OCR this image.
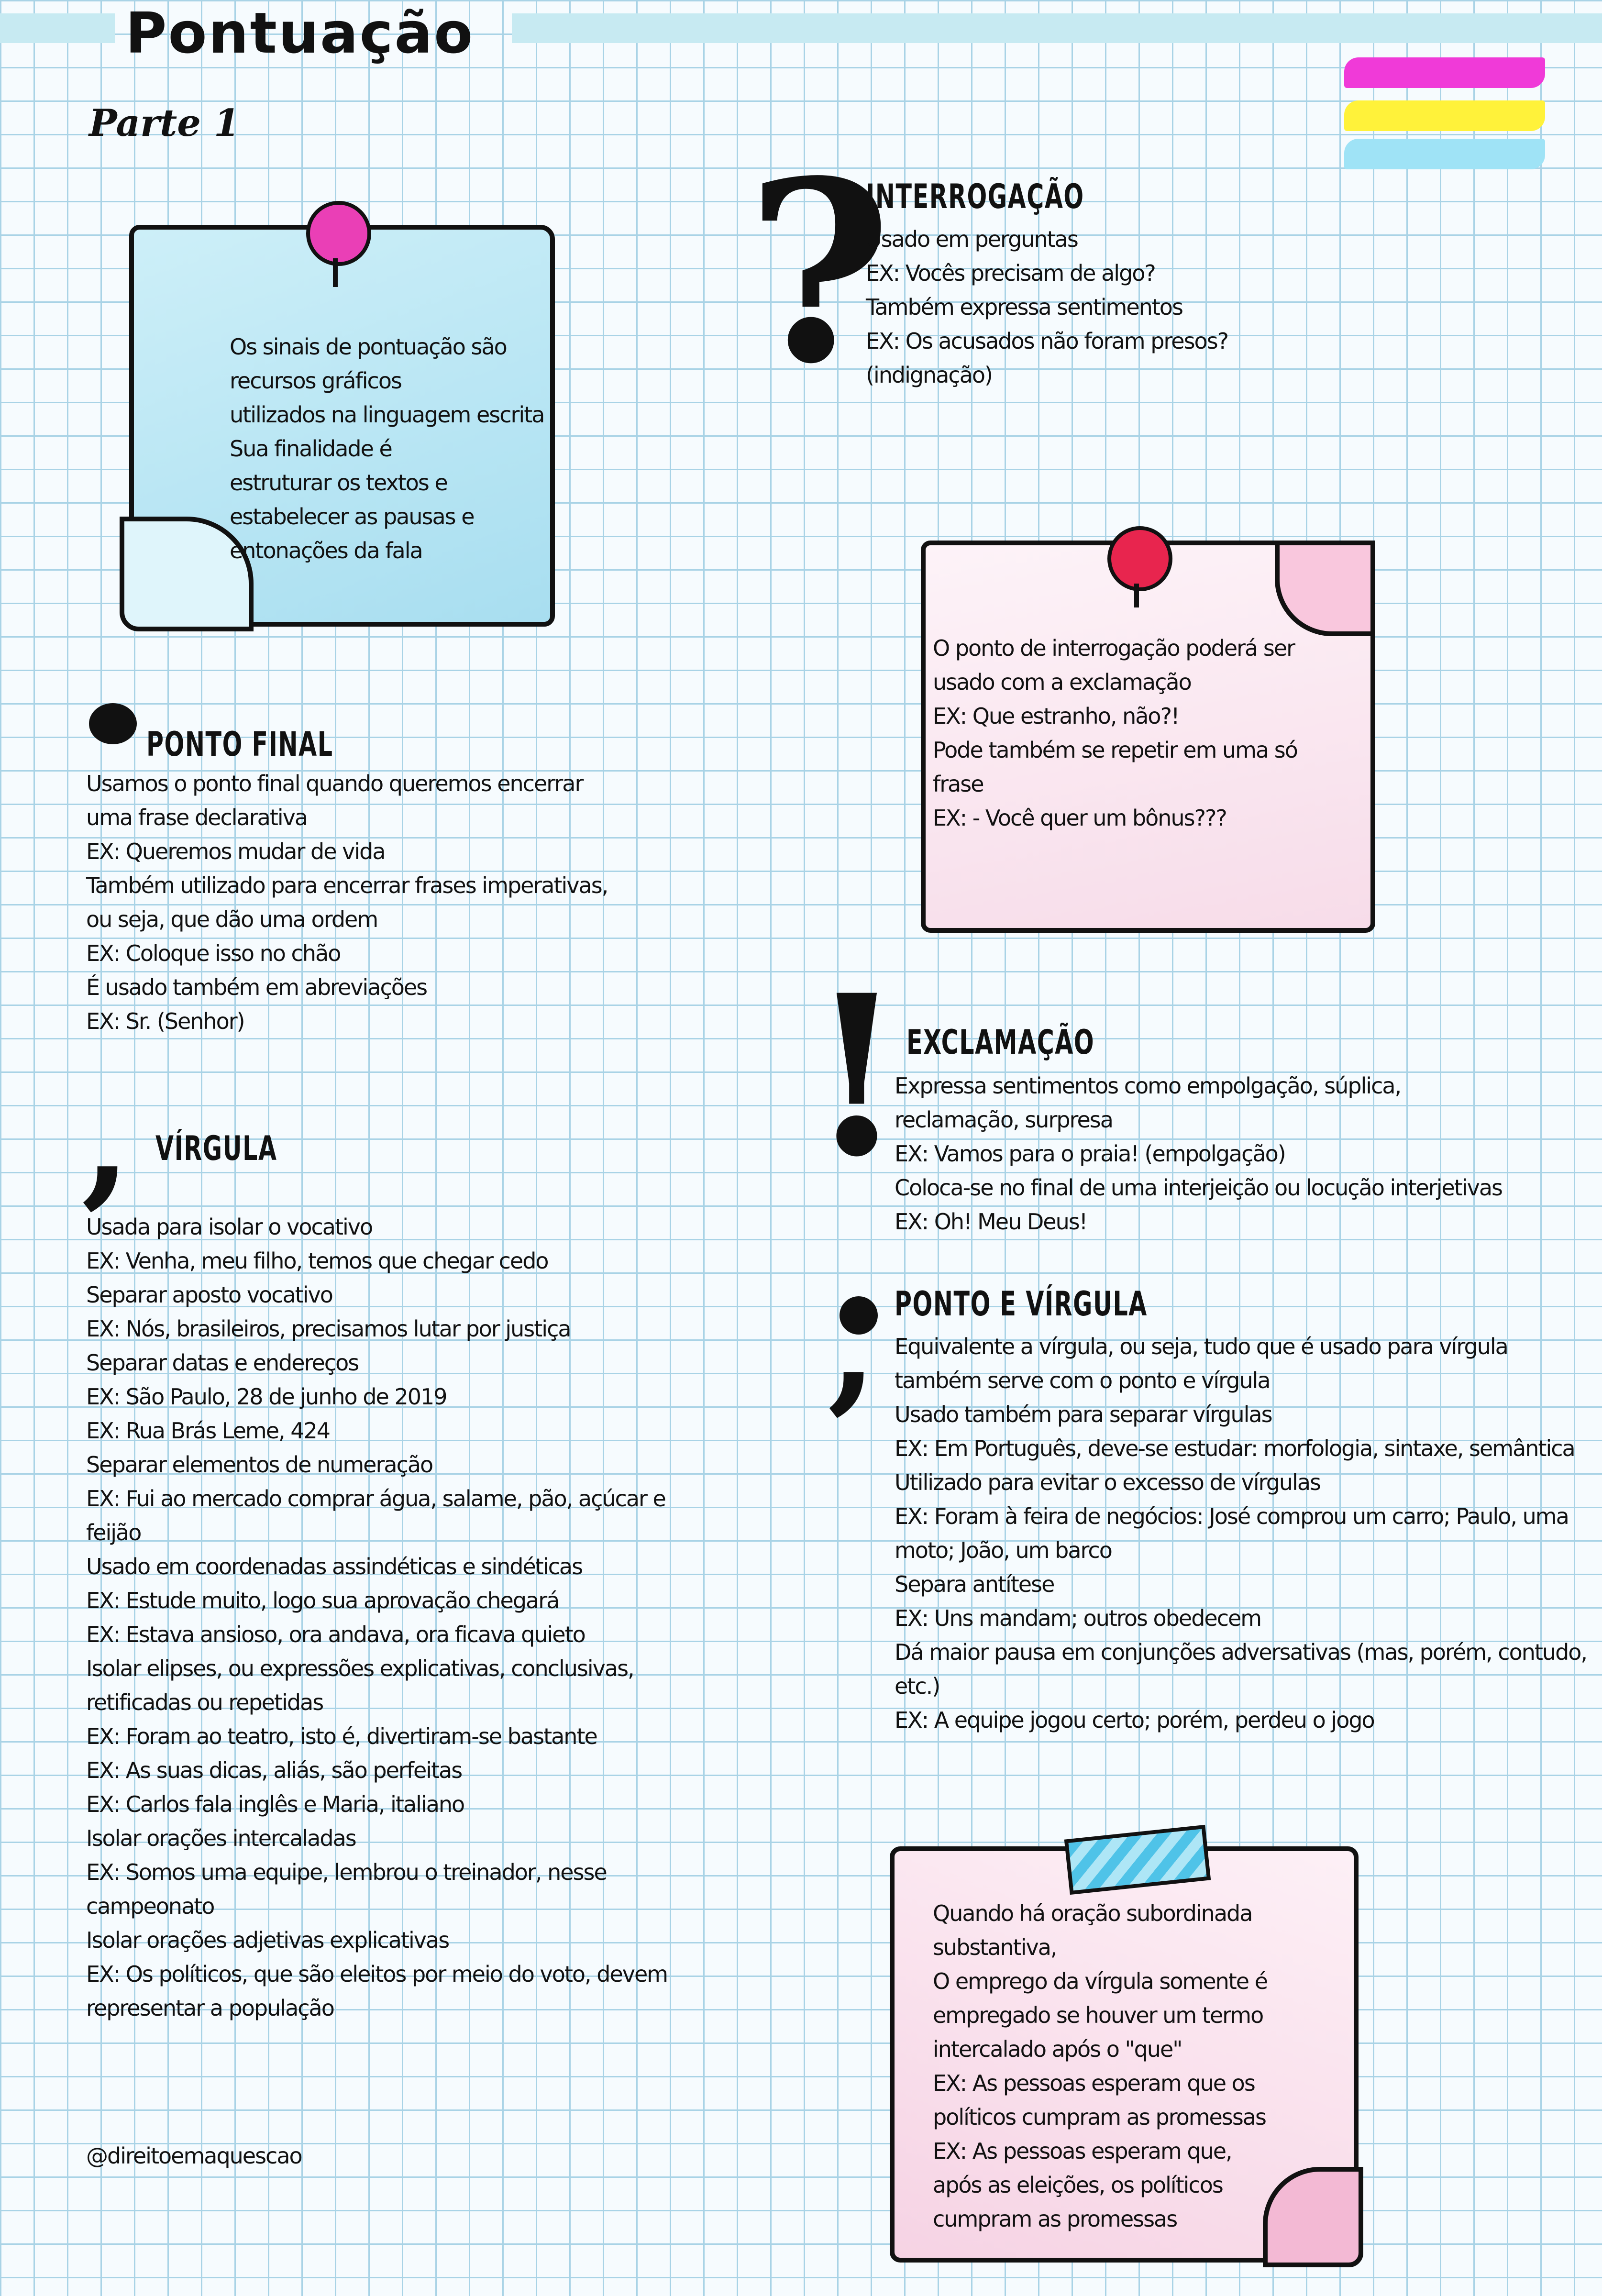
Pontuação
Parte 1
Os sinais de pontuação são
recursos gráficos
utilizados na linguagem escrita
Sua finalidade é
estruturar os textos e
estabelecer as pausas e
entonações da fala
?
INTERROGAÇÃO
Usado em perguntas
EX: Vocês precisam de algo?
Também expressa sentimentos
EX: Os acusados não foram presos?
(indignação)
O ponto de interrogação poderá ser
usado com a exclamação
EX: Que estranho, não?!
Pode também se repetir em uma só
frase
EX: - Você quer um bônus???
PONTO FINAL
Usamos o ponto final quando queremos encerrar
uma frase declarativa
EX: Queremos mudar de vida
Também utilizado para encerrar frases imperativas,
ou seja, que dão uma ordem
EX: Coloque isso no chão
É usado também em abreviações
EX: Sr. (Senhor)	! EXCLAMAÇÃO
Expressa sentimentos como empolgação, súplica,
reclamação, surpresa
EX: Vamos para o praia! (empolgação)
Coloca-se no final de uma interjeição ou locução interjetivas
EX: Oh! Meu Deus!
, VÍRGULA
Usada para isolar o vocativo
EX: Venha, meu filho, temos que chegar cedo
Separar aposto vocativo
EX: Nós, brasileiros, precisamos lutar por justiça
Separar datas e endereços
EX: São Paulo, 28 de junho de 2019
EX: Rua Brás Leme, 424
Separar elementos de numeração
EX: Fui ao mercado comprar água, salame, pão, açúcar e
feijão
Usado em coordenadas assindéticas e sindéticas
EX: Estude muito, logo sua aprovação chegará
EX: Estava ansioso, ora andava, ora ficava quieto
Isolar elipses, ou expressões explicativas, conclusivas,
retificadas ou repetidas
EX: Foram ao teatro, isto é, divertiram-se bastante
EX: As suas dicas, aliás, são perfeitas
EX: Carlos fala inglês e Maria, italiano
Isolar orações intercaladas
EX: Somos uma equipe, lembrou o treinador, nesse
campeonato
Isolar orações adjetivas explicativas
EX: Os políticos, que são eleitos por meio do voto, devem
representar a população
, PONTO E VÍRGULA
Equivalente a vírgula, ou seja, tudo que é usado para vírgula
também serve com o ponto e vírgula
Usado também para separar vírgulas
EX: Em Português, deve-se estudar: morfologia, sintaxe, semântica
Utilizado para evitar o excesso de vírgulas
EX: Foram à feira de negócios: José comprou um carro; Paulo, uma
moto; João, um barco
Separa antítese
EX: Uns mandam; outros obedecem
Dá maior pausa em conjunções adversativas (mas, porém, contudo,
etc.)
EX: A equipe jogou certo; porém, perdeu o jogo
Quando há oração subordinada
substantiva,
O emprego da vírgula somente é
empregado se houver um termo
intercalado após o "que"
EX: As pessoas esperam que os
políticos cumpram as promessas
EX: As pessoas esperam que,
após as eleições, os políticos
cumpram as promessas
@direitoemaquescao
